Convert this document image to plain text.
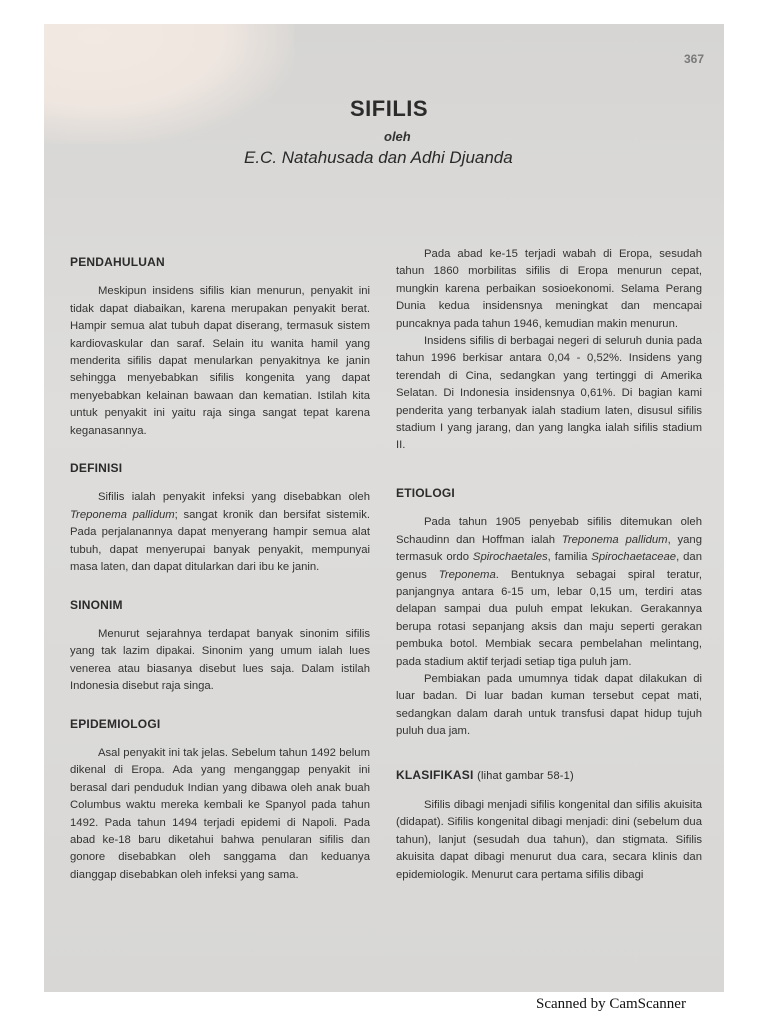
367
SIFILIS
oleh
E.C. Natahusada dan Adhi Djuanda
PENDAHULUAN

Meskipun insidens sifilis kian menurun, penyakit ini tidak dapat diabaikan, karena merupakan penyakit berat. Hampir semua alat tubuh dapat diserang, termasuk sistem kardiovaskular dan saraf. Selain itu wanita hamil yang menderita sifilis dapat menularkan penyakitnya ke janin sehingga menyebabkan sifilis kongenita yang dapat menyebabkan kelainan bawaan dan kematian. Istilah kita untuk penyakit ini yaitu raja singa sangat tepat karena keganasannya.

DEFINISI

Sifilis ialah penyakit infeksi yang disebabkan oleh Treponema pallidum; sangat kronik dan bersifat sistemik. Pada perjalanannya dapat menyerang hampir semua alat tubuh, dapat menyerupai banyak penyakit, mempunyai masa laten, dan dapat ditularkan dari ibu ke janin.

SINONIM

Menurut sejarahnya terdapat banyak sinonim sifilis yang tak lazim dipakai. Sinonim yang umum ialah lues venerea atau biasanya disebut lues saja. Dalam istilah Indonesia disebut raja singa.

EPIDEMIOLOGI

Asal penyakit ini tak jelas. Sebelum tahun 1492 belum dikenal di Eropa. Ada yang menganggap penyakit ini berasal dari penduduk Indian yang dibawa oleh anak buah Columbus waktu mereka kembali ke Spanyol pada tahun 1492. Pada tahun 1494 terjadi epidemi di Napoli. Pada abad ke-18 baru diketahui bahwa penularan sifilis dan gonore disebabkan oleh sanggama dan keduanya dianggap disebabkan oleh infeksi yang sama.

Pada abad ke-15 terjadi wabah di Eropa, sesudah tahun 1860 morbilitas sifilis di Eropa menurun cepat, mungkin karena perbaikan sosioekonomi. Selama Perang Dunia kedua insidensnya meningkat dan mencapai puncaknya pada tahun 1946, kemudian makin menurun.

Insidens sifilis di berbagai negeri di seluruh dunia pada tahun 1996 berkisar antara 0,04 - 0,52%. Insidens yang terendah di Cina, sedangkan yang tertinggi di Amerika Selatan. Di Indonesia insidensnya 0,61%. Di bagian kami penderita yang terbanyak ialah stadium laten, disusul sifilis stadium I yang jarang, dan yang langka ialah sifilis stadium II.

ETIOLOGI

Pada tahun 1905 penyebab sifilis ditemukan oleh Schaudinn dan Hoffman ialah Treponema pallidum, yang termasuk ordo Spirochaetales, familia Spirochaetaceae, dan genus Treponema. Bentuknya sebagai spiral teratur, panjangnya antara 6-15 um, lebar 0,15 um, terdiri atas delapan sampai dua puluh empat lekukan. Gerakannya berupa rotasi sepanjang aksis dan maju seperti gerakan pembuka botol. Membiak secara pembelahan melintang, pada stadium aktif terjadi setiap tiga puluh jam.

Pembiakan pada umumnya tidak dapat dilakukan di luar badan. Di luar badan kuman tersebut cepat mati, sedangkan dalam darah untuk transfusi dapat hidup tujuh puluh dua jam.

KLASIFIKASI (lihat gambar 58-1)

Sifilis dibagi menjadi sifilis kongenital dan sifilis akuisita (didapat). Sifilis kongenital dibagi menjadi: dini (sebelum dua tahun), lanjut (sesudah dua tahun), dan stigmata. Sifilis akuisita dapat dibagi menurut dua cara, secara klinis dan epidemiologik. Menurut cara pertama sifilis dibagi

Scanned by CamScanner
